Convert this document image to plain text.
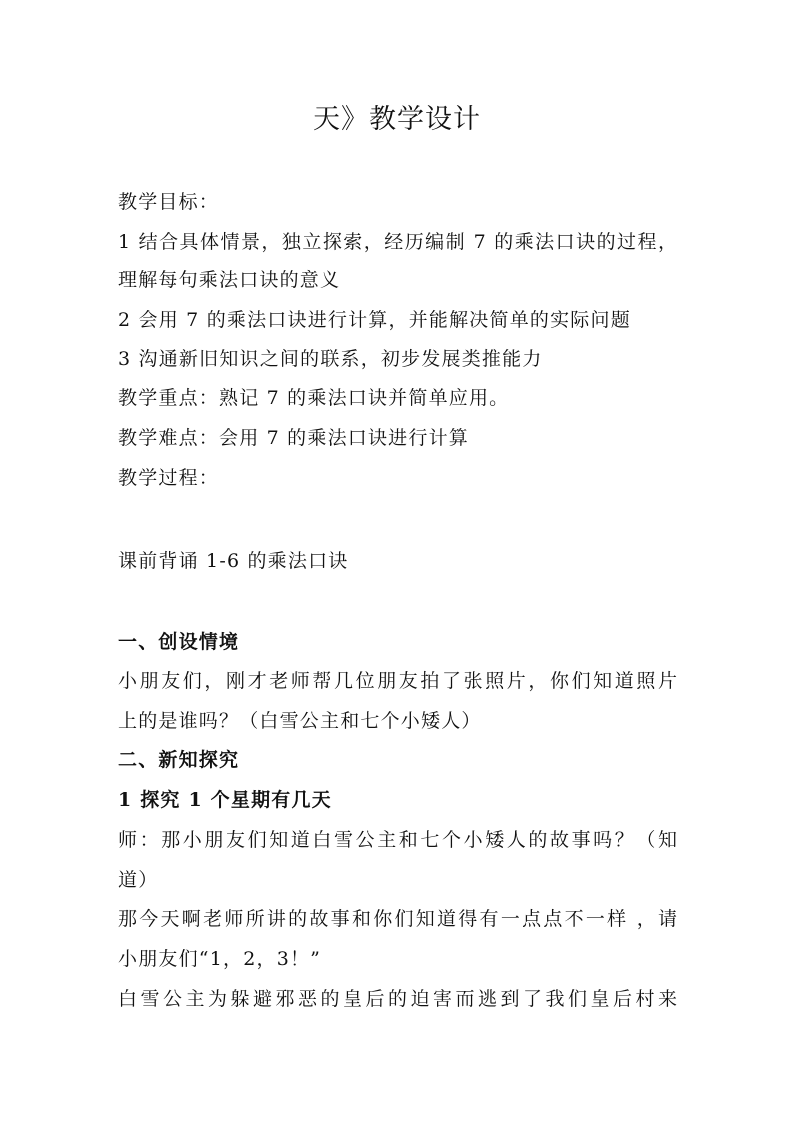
天》教学设计
教学目标：
1 结合具体情景，独立探索，经历编制 7 的乘法口诀的过程，
理解每句乘法口诀的意义
2 会用 7 的乘法口诀进行计算，并能解决简单的实际问题
3 沟通新旧知识之间的联系，初步发展类推能力
教学重点：熟记 7 的乘法口诀并简单应用。
教学难点：会用 7 的乘法口诀进行计算
教学过程：
课前背诵 1-6 的乘法口诀
一、创设情境
小朋友们，刚才老师帮几位朋友拍了张照片，你们知道照片
上的是谁吗？（白雪公主和七个小矮人）
二、新知探究
1 探究 1 个星期有几天
师：那小朋友们知道白雪公主和七个小矮人的故事吗？（知
道）
那今天啊老师所讲的故事和你们知道得有一点点不一样 ，请
小朋友们“1，2，3！”
白雪公主为躲避邪恶的皇后的迫害而逃到了我们皇后村来
